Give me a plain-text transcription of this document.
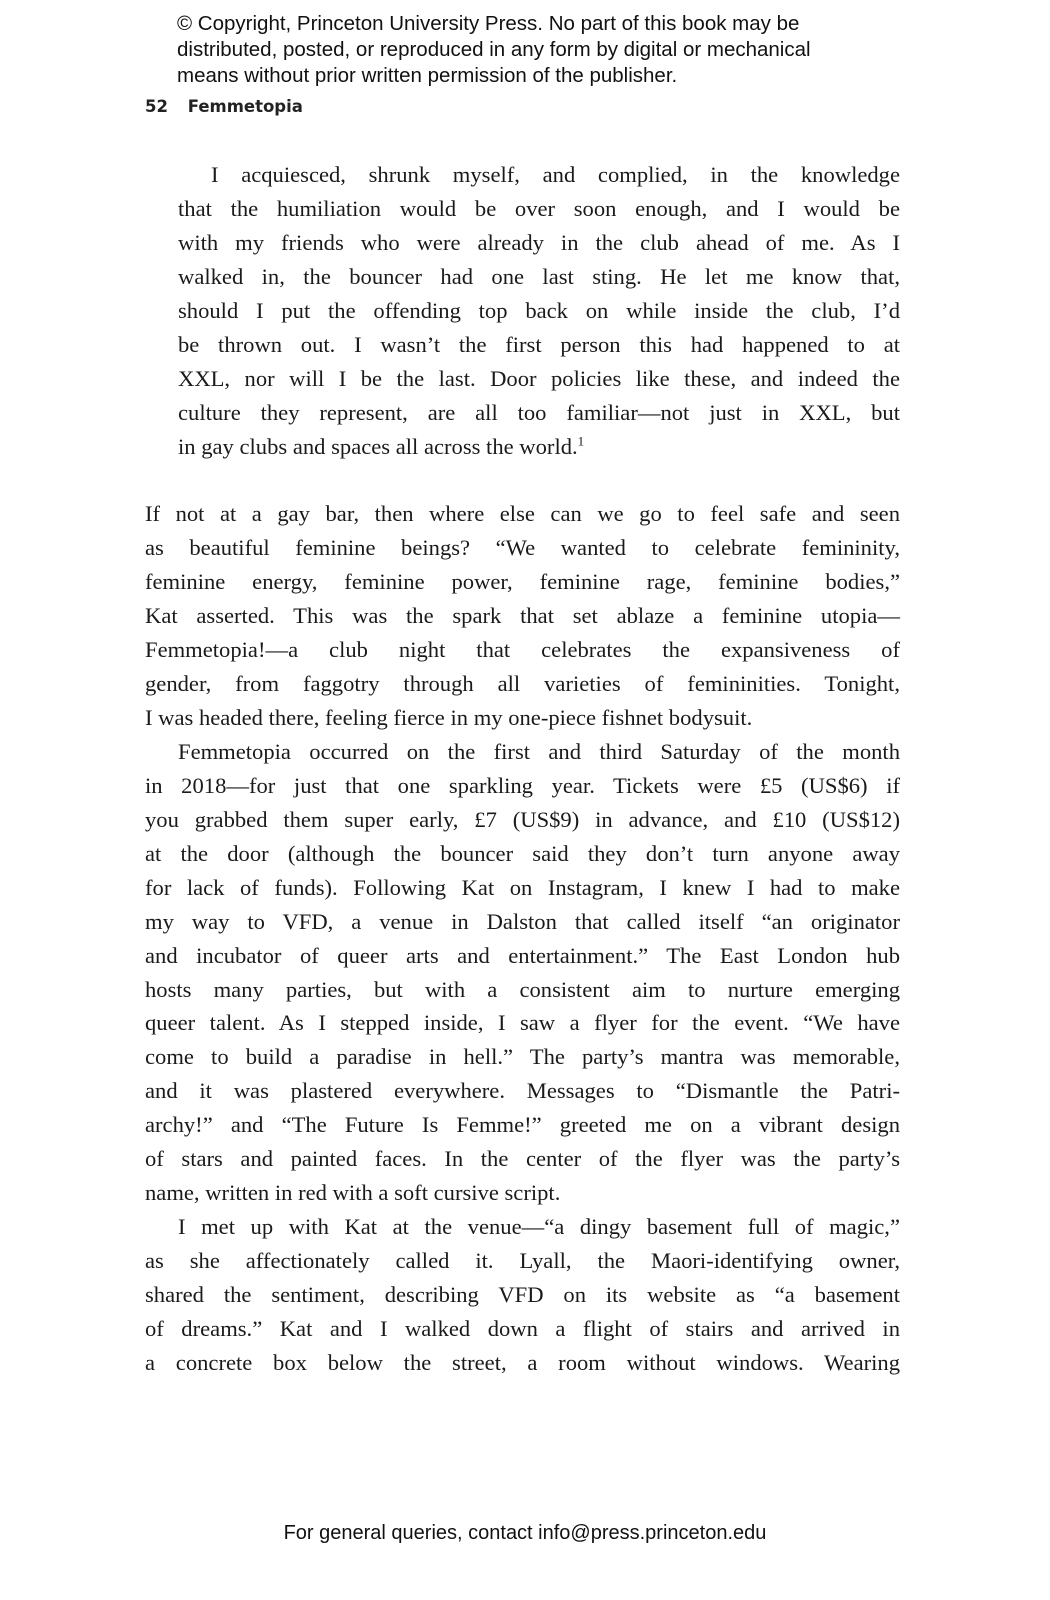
© Copyright, Princeton University Press. No part of this book may be
distributed, posted, or reproduced in any form by digital or mechanical
means without prior written permission of the publisher.
52 Femmetopia
I acquiesced, shrunk myself, and complied, in the knowledge
that the humiliation would be over soon enough, and I would be
with my friends who were already in the club ahead of me. As I
walked in, the bouncer had one last sting. He let me know that,
should I put the offending top back on while inside the club, I’d
be thrown out. I wasn’t the first person this had happened to at
XXL, nor will I be the last. Door policies like these, and indeed the
culture they represent, are all too familiar—not just in XXL, but
in gay clubs and spaces all across the world.$^1$
If not at a gay bar, then where else can we go to feel safe and seen
as beautiful feminine beings? “We wanted to celebrate femininity,
feminine energy, feminine power, feminine rage, feminine bodies,”
Kat asserted. This was the spark that set ablaze a feminine utopia—
Femmetopia!—a club night that celebrates the expansiveness of
gender, from faggotry through all varieties of femininities. Tonight,
I was headed there, feeling fierce in my one-piece fishnet bodysuit.
Femmetopia occurred on the first and third Saturday of the month
in 2018—for just that one sparkling year. Tickets were £5 (US$6) if
you grabbed them super early, £7 (US$9) in advance, and £10 (US$12)
at the door (although the bouncer said they don’t turn anyone away
for lack of funds). Following Kat on Instagram, I knew I had to make
my way to VFD, a venue in Dalston that called itself “an originator
and incubator of queer arts and entertainment.” The East London hub
hosts many parties, but with a consistent aim to nurture emerging
queer talent. As I stepped inside, I saw a flyer for the event. “We have
come to build a paradise in hell.” The party’s mantra was memorable,
and it was plastered everywhere. Messages to “Dismantle the Patri-
archy!” and “The Future Is Femme!” greeted me on a vibrant design
of stars and painted faces. In the center of the flyer was the party’s
name, written in red with a soft cursive script.
I met up with Kat at the venue—“a dingy basement full of magic,”
as she affectionately called it. Lyall, the Maori-identifying owner,
shared the sentiment, describing VFD on its website as “a basement
of dreams.” Kat and I walked down a flight of stairs and arrived in
a concrete box below the street, a room without windows. Wearing
For general queries, contact info@press.princeton.edu
